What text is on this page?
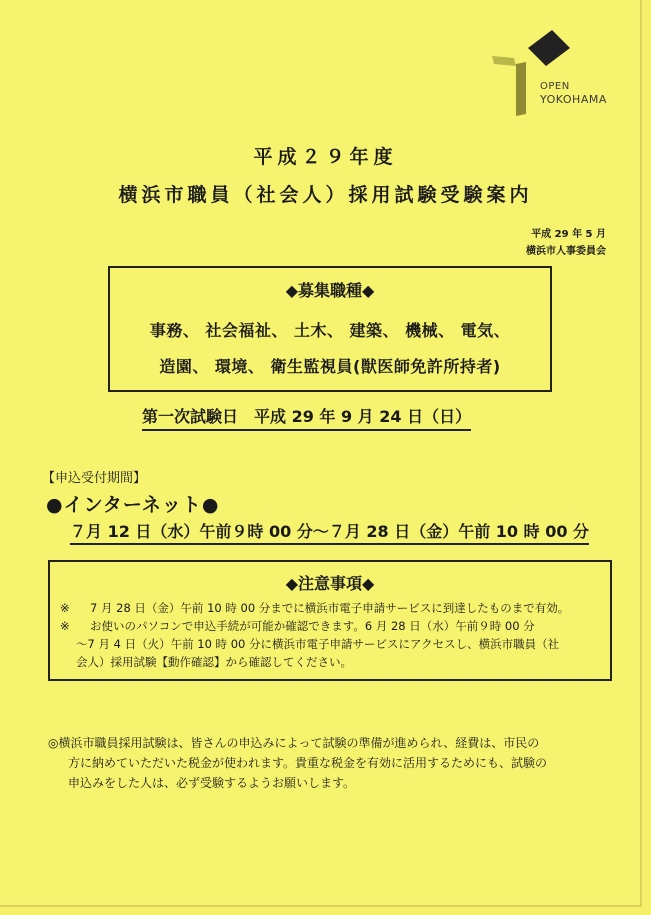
OPEN
YOKOHAMA
平成２９年度
横浜市職員（社会人）採用試験受験案内
平成 29 年 5 月
横浜市人事委員会
◆募集職種◆
事務、 社会福祉、 土木、 建築、 機械、 電気、
造園、 環境、 衛生監視員(獣医師免許所持者)
第一次試験日　平成 29 年 9 月 24 日（日）
【申込受付期間】
●インターネット●
７月 12 日（水）午前９時 00 分～７月 28 日（金）午前 10 時 00 分
◆注意事項◆
※ 7 月 28 日（金）午前 10 時 00 分までに横浜市電子申請サービスに到達したものまで有効。
※ お使いのパソコンで申込手続が可能か確認できます。6 月 28 日（水）午前９時 00 分
～7 月 4 日（火）午前 10 時 00 分に横浜市電子申請サービスにアクセスし、横浜市職員（社
会人）採用試験【動作確認】から確認してください。
◎横浜市職員採用試験は、皆さんの申込みによって試験の準備が進められ、経費は、市民の
方に納めていただいた税金が使われます。貴重な税金を有効に活用するためにも、試験の
申込みをした人は、必ず受験するようお願いします。
